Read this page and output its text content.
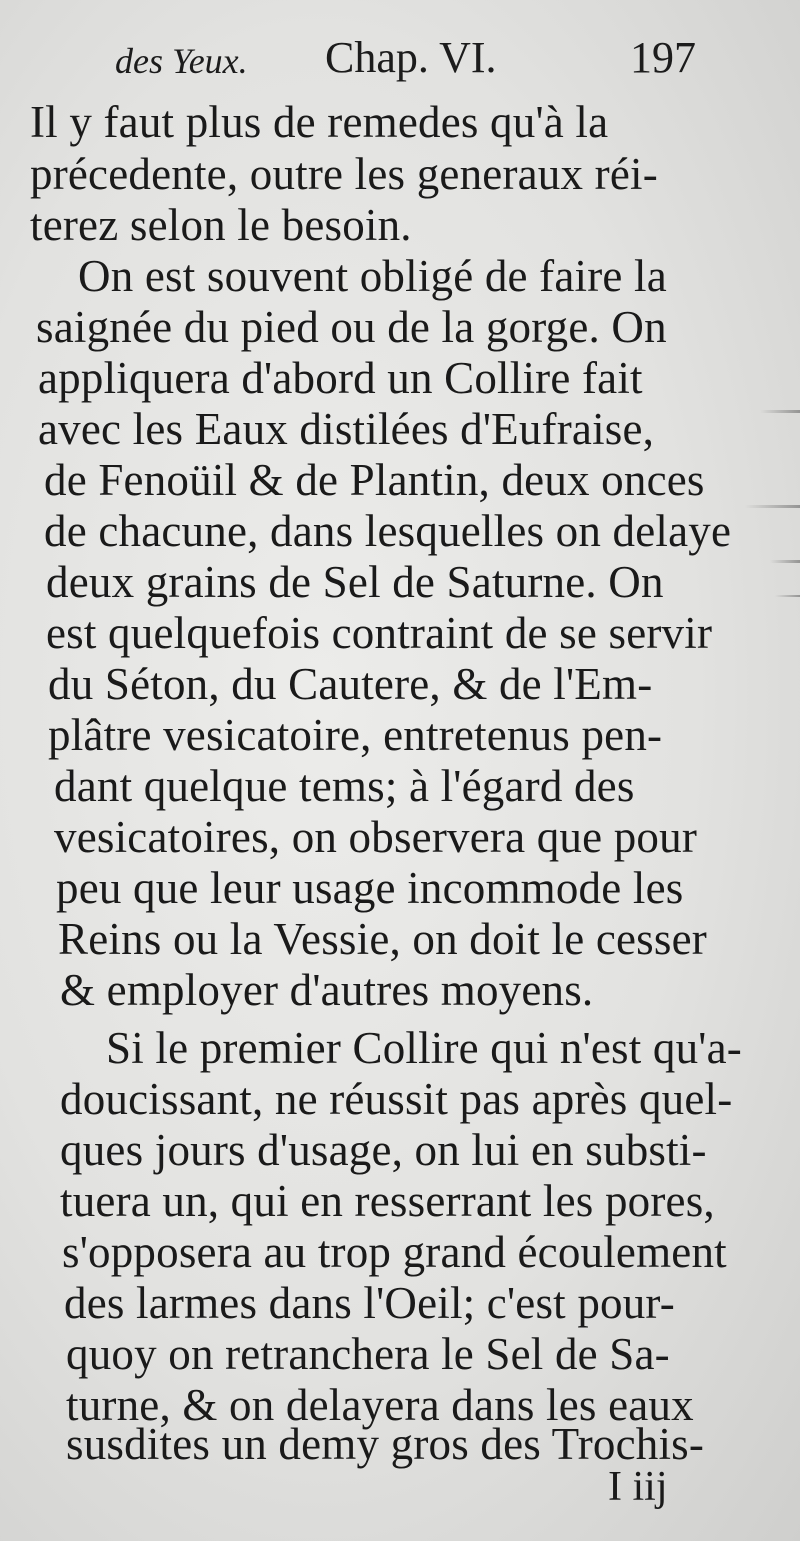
des Yeux. Chap. VI.	197
Il y faut plus de remedes qu'à la
précedente, outre les generaux réi-
terez selon le besoin.
On est souvent obligé de faire la
saignée du pied ou de la gorge. On
appliquera d'abord un Collire fait
avec les Eaux distilées d'Eufraise,
de Fenoüil & de Plantin, deux onces
de chacune, dans lesquelles on delaye
deux grains de Sel de Saturne. On
est quelquefois contraint de se servir
du Séton, du Cautere, & de l'Em-
plâtre vesicatoire, entretenus pen-
dant quelque tems; à l'égard des
vesicatoires, on observera que pour
peu que leur usage incommode les
Reins ou la Vessie, on doit le cesser
& employer d'autres moyens.
Si le premier Collire qui n'est qu'a-
doucissant, ne réussit pas après quel-
ques jours d'usage, on lui en substi-
tuera un, qui en resserrant les pores,
s'opposera au trop grand écoulement
des larmes dans l'Oeil; c'est pour-
quoy on retranchera le Sel de Sa-
turne, & on delayera dans les eaux
susdites un demy gros des Trochis-
I iij
